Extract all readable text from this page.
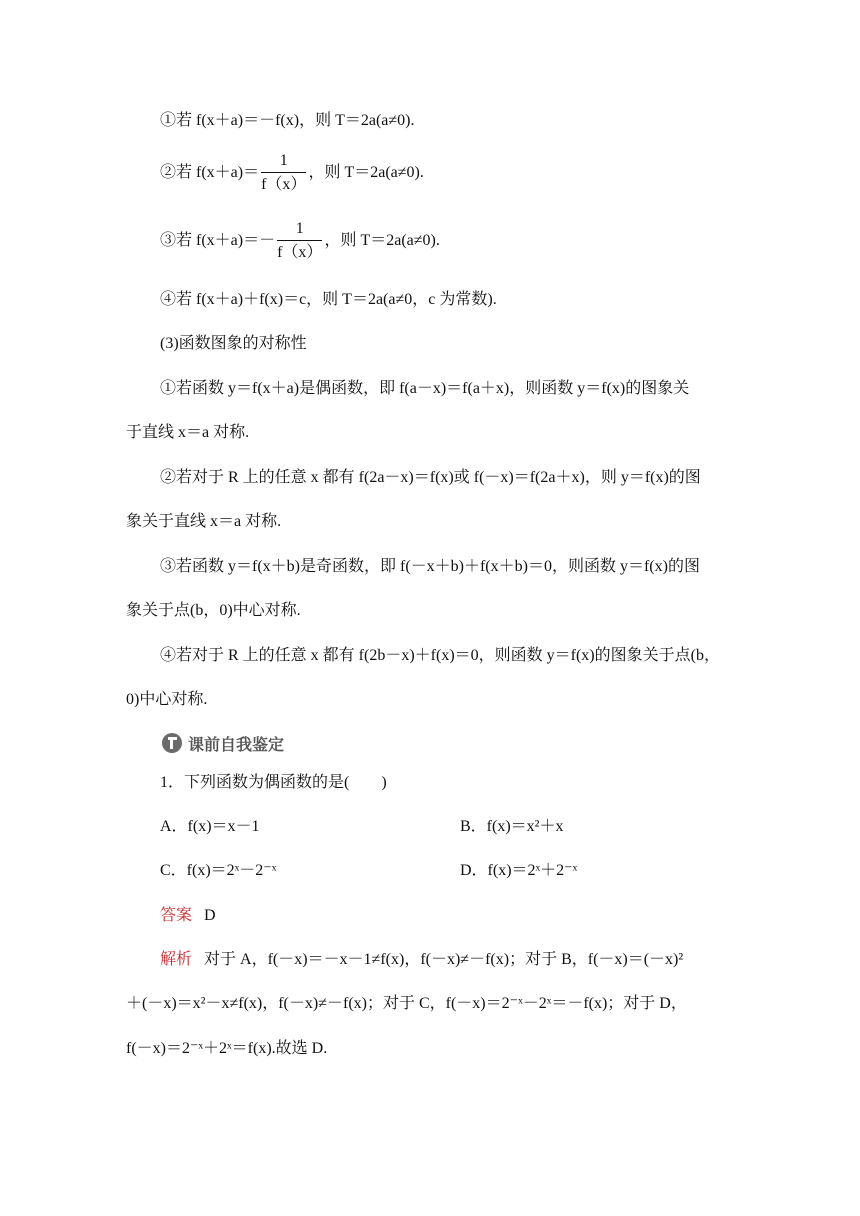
①若 f(x＋a)＝－f(x)，则 T＝2a(a≠0).
②若 $f(x+a)= \frac{1}{f(x)}$ ，则 T＝2a(a≠0).
③若 $f(x+a)=- \frac{1}{f(x)}$ ，则 T＝2a(a≠0).
④若 f(x＋a)＋f(x)＝c，则 T＝2a(a≠0，c 为常数).
(3)函数图象的对称性
①若函数 y＝f(x＋a)是偶函数，即 f(a－x)＝f(a＋x)，则函数 y＝f(x)的图象关
于直线 x＝a 对称.
②若对于 R 上的任意 x 都有 f(2a－x)＝f(x)或 f(－x)＝f(2a＋x)，则 y＝f(x)的图
象关于直线 x＝a 对称.
③若函数 y＝f(x＋b)是奇函数，即 f(－x＋b)＋f(x＋b)＝0，则函数 y＝f(x)的图
象关于点(b，0)中心对称.
④若对于 R 上的任意 x 都有 f(2b－x)＋f(x)＝0，则函数 y＝f(x)的图象关于点(b，
0)中心对称.
课前自我鉴定
1．下列函数为偶函数的是(　　)
A．f(x)＝x－1	B．f(x)＝x²＋x
C．f(x)＝2ˣ－2⁻ˣ	D．f(x)＝2ˣ＋2⁻ˣ
答案 D
解析 对于 A，f(－x)＝－x－1≠f(x)，f(－x)≠－f(x)；对于 B，f(－x)＝(－x)²
＋(－x)＝x²－x≠f(x)，f(－x)≠－f(x)；对于 C，f(－x)＝2⁻ˣ－2ˣ＝－f(x)；对于 D，
f(－x)＝2⁻ˣ＋2ˣ＝f(x).故选 D.
